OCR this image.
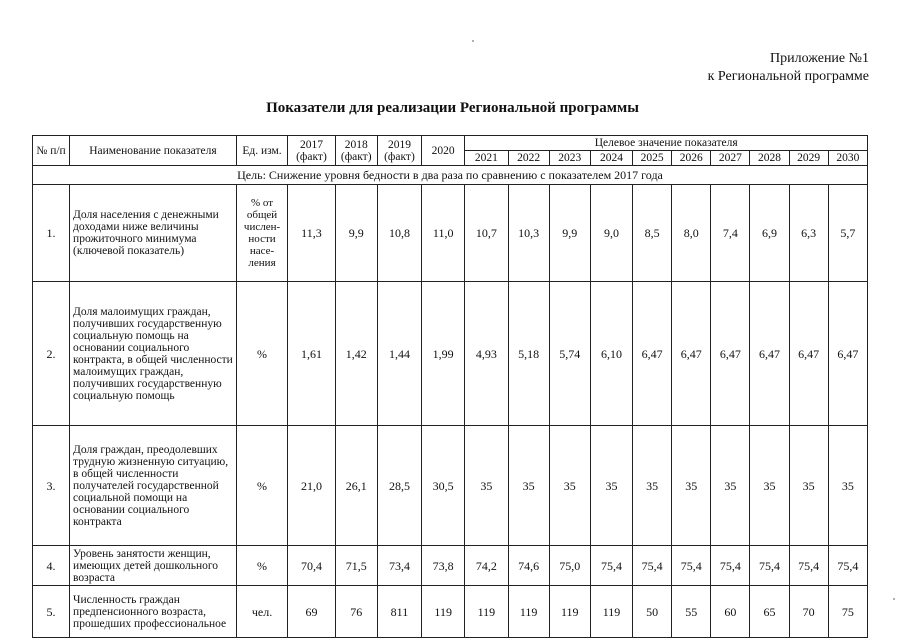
Приложение №1
к Региональной программе
Показатели для реализации Региональной программы
№ п/п	Наименование показателя	Ед. изм.	2017 (факт)	2018 (факт)	2019 (факт)	2020	Целевое значение показателя									
							2021	2022	2023	2024	2025	2026	2027	2028	2029	2030
Цель: Снижение уровня бедности в два раза по сравнению с показателем 2017 года																
1.	Доля населения с денежными доходами ниже величины прожиточного минимума (ключевой показатель)	% от общей числен-ности насе-ления	11,3	9,9	10,8	11,0	10,7	10,3	9,9	9,0	8,5	8,0	7,4	6,9	6,3	5,7
2.	Доля малоимущих граждан, получивших государственную социальную помощь на основании социального контракта, в общей численности малоимущих граждан, получивших государственную социальную помощь	%	1,61	1,42	1,44	1,99	4,93	5,18	5,74	6,10	6,47	6,47	6,47	6,47	6,47	6,47
3.	Доля граждан, преодолевших трудную жизненную ситуацию, в общей численности получателей государственной социальной помощи на основании социального контракта	%	21,0	26,1	28,5	30,5	35	35	35	35	35	35	35	35	35	35
4.	Уровень занятости женщин, имеющих детей дошкольного возраста	%	70,4	71,5	73,4	73,8	74,2	74,6	75,0	75,4	75,4	75,4	75,4	75,4	75,4	75,4
5.	Численность граждан предпенсионного возраста, прошедших профессиональное	чел.	69	76	811	119	119	119	119	119	50	55	60	65	70	75
